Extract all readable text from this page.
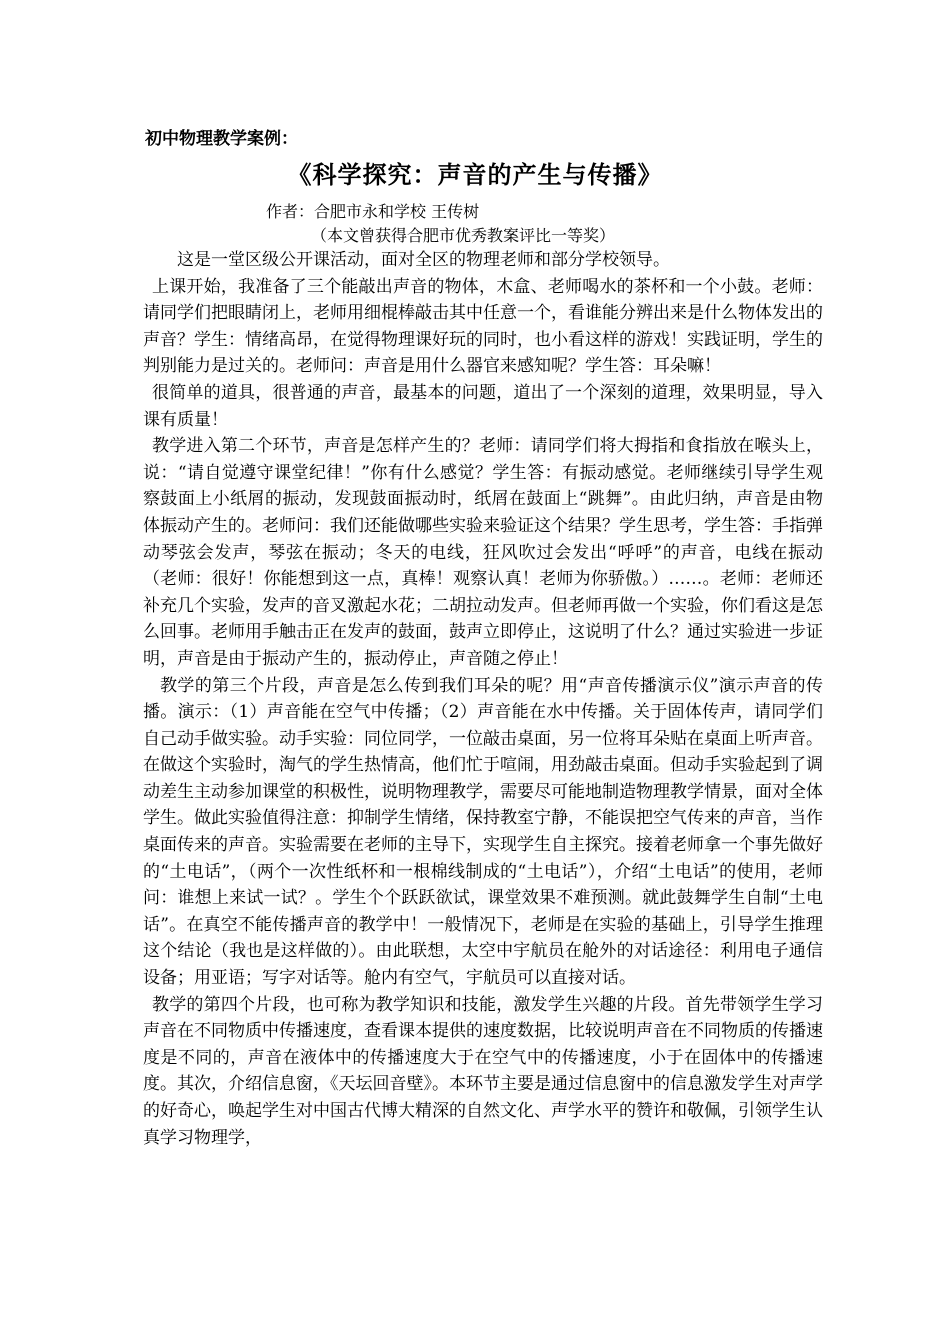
初中物理教学案例：
《科学探究：声音的产生与传播》
作者：合肥市永和学校 王传树
（本文曾获得合肥市优秀教案评比一等奖）

这是一堂区级公开课活动，面对全区的物理老师和部分学校领导。

上课开始，我准备了三个能敲出声音的物体，木盒、老师喝水的茶杯和一个小鼓。老师：请同学们把眼睛闭上，老师用细棍棒敲击其中任意一个，看谁能分辨出来是什么物体发出的声音？学生：情绪高昂，在觉得物理课好玩的同时，也小看这样的游戏！实践证明，学生的判别能力是过关的。老师问：声音是用什么器官来感知呢？学生答：耳朵嘛！

很简单的道具，很普通的声音，最基本的问题，道出了一个深刻的道理，效果明显，导入课有质量！

教学进入第二个环节，声音是怎样产生的？老师：请同学们将大拇指和食指放在喉头上，说：“请自觉遵守课堂纪律！”你有什么感觉？学生答：有振动感觉。老师继续引导学生观察鼓面上小纸屑的振动，发现鼓面振动时，纸屑在鼓面上“跳舞”。由此归纳，声音是由物体振动产生的。老师问：我们还能做哪些实验来验证这个结果？学生思考，学生答：手指弹动琴弦会发声，琴弦在振动；冬天的电线，狂风吹过会发出“呼呼”的声音，电线在振动（老师：很好！你能想到这一点，真棒！观察认真！老师为你骄傲。）……。老师：老师还补充几个实验，发声的音叉激起水花；二胡拉动发声。但老师再做一个实验，你们看这是怎么回事。老师用手触击正在发声的鼓面，鼓声立即停止，这说明了什么？通过实验进一步证明，声音是由于振动产生的，振动停止，声音随之停止！

教学的第三个片段，声音是怎么传到我们耳朵的呢？用“声音传播演示仪”演示声音的传播。演示：（1）声音能在空气中传播；（2）声音能在水中传播。关于固体传声，请同学们自己动手做实验。动手实验：同位同学，一位敲击桌面，另一位将耳朵贴在桌面上听声音。在做这个实验时，淘气的学生热情高，他们忙于喧闹，用劲敲击桌面。但动手实验起到了调动差生主动参加课堂的积极性，说明物理教学，需要尽可能地制造物理教学情景，面对全体学生。做此实验值得注意：抑制学生情绪，保持教室宁静，不能误把空气传来的声音，当作桌面传来的声音。实验需要在老师的主导下，实现学生自主探究。接着老师拿一个事先做好的“土电话”，（两个一次性纸杯和一根棉线制成的“土电话”），介绍“土电话”的使用，老师问：谁想上来试一试？。学生个个跃跃欲试，课堂效果不难预测。就此鼓舞学生自制“土电话”。在真空不能传播声音的教学中！一般情况下，老师是在实验的基础上，引导学生推理这个结论（我也是这样做的）。由此联想，太空中宇航员在舱外的对话途径：利用电子通信设备；用亚语；写字对话等。舱内有空气，宇航员可以直接对话。

教学的第四个片段，也可称为教学知识和技能，激发学生兴趣的片段。首先带领学生学习声音在不同物质中传播速度，查看课本提供的速度数据，比较说明声音在不同物质的传播速度是不同的，声音在液体中的传播速度大于在空气中的传播速度，小于在固体中的传播速度。其次，介绍信息窗，《天坛回音壁》。本环节主要是通过信息窗中的信息激发学生对声学的好奇心，唤起学生对中国古代博大精深的自然文化、声学水平的赞许和敬佩，引领学生认真学习物理学，
